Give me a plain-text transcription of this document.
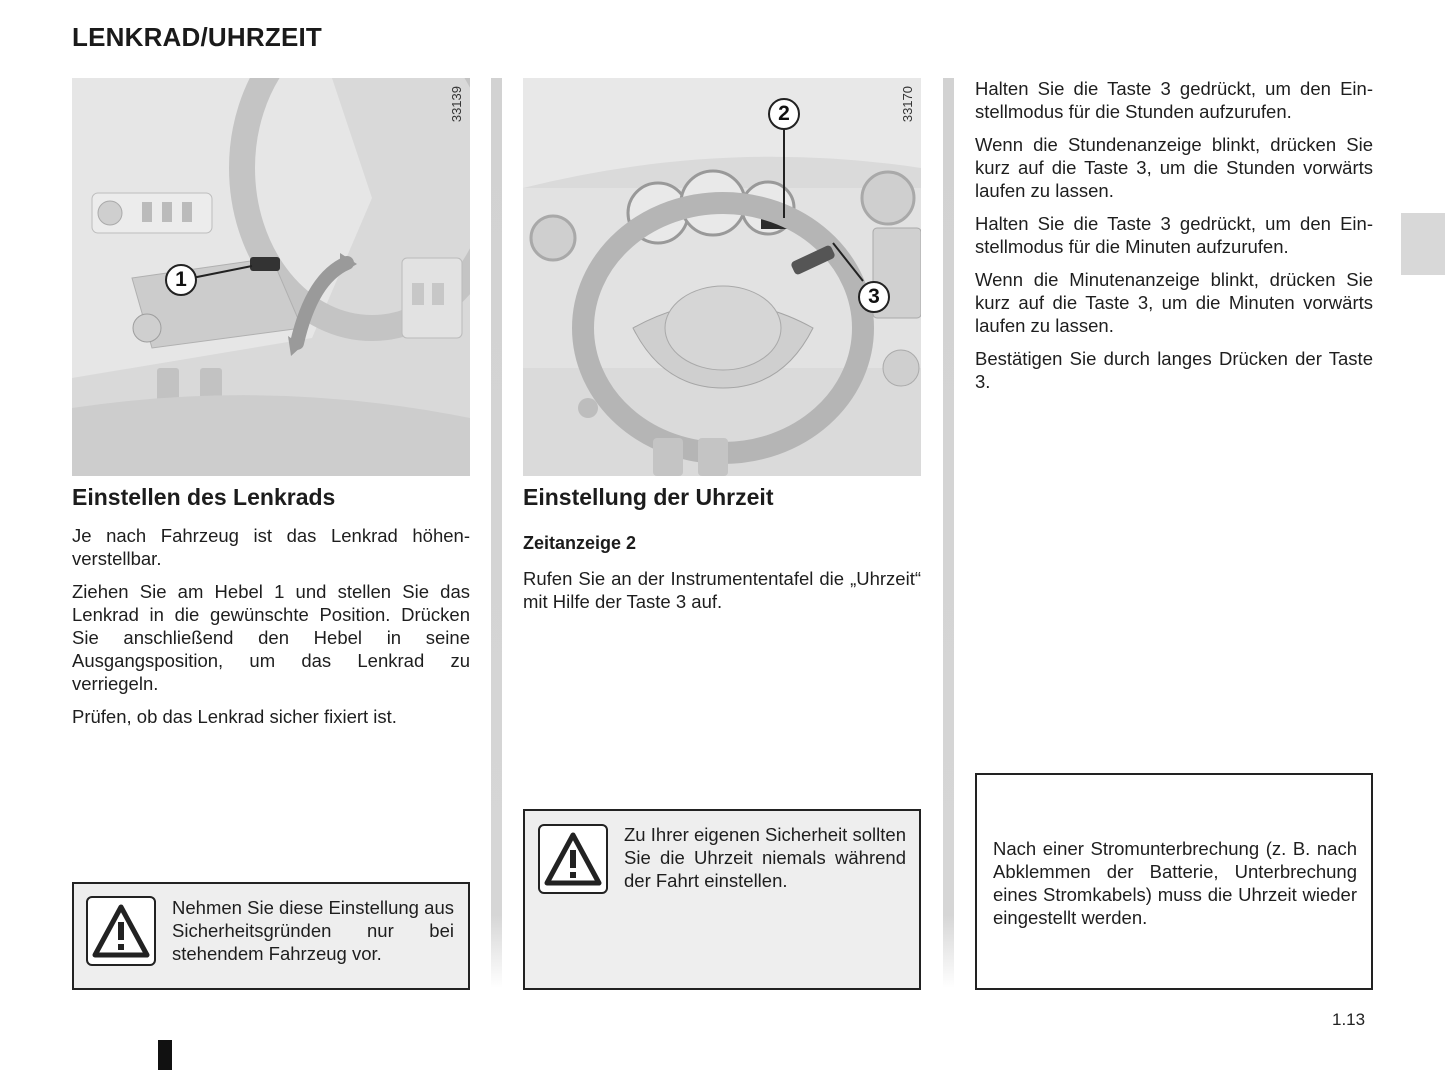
LENKRAD/UHRZEIT
33139
1
Einstellen des Lenkrads

Je nach Fahrzeug ist das Lenkrad höhenverstellbar.

Ziehen Sie am Hebel 1 und stellen Sie das Lenkrad in die gewünschte Position. Drücken Sie anschließend den Hebel in seine Ausgangsposition, um das Lenkrad zu verriegeln.

Prüfen, ob das Lenkrad sicher fixiert ist.

Nehmen Sie diese Einstellung aus Sicherheitsgründen nur bei stehendem Fahrzeug vor.
33170
2
3
Einstellung der Uhrzeit
Zeitanzeige 2

Rufen Sie an der Instrumententafel die „Uhrzeit“ mit Hilfe der Taste 3 auf.

Zu Ihrer eigenen Sicherheit sollten Sie die Uhrzeit niemals während der Fahrt einstellen.

Halten Sie die Taste 3 gedrückt, um den Einstellmodus für die Stunden aufzurufen.

Wenn die Stundenanzeige blinkt, drücken Sie kurz auf die Taste 3, um die Stunden vorwärts laufen zu lassen.

Halten Sie die Taste 3 gedrückt, um den Einstellmodus für die Minuten aufzurufen.

Wenn die Minutenanzeige blinkt, drücken Sie kurz auf die Taste 3, um die Minuten vorwärts laufen zu lassen.

Bestätigen Sie durch langes Drücken der Taste 3.

Nach einer Stromunterbrechung (z. B. nach Abklemmen der Batterie, Unterbrechung eines Stromkabels) muss die Uhrzeit wieder eingestellt werden.
1.13
